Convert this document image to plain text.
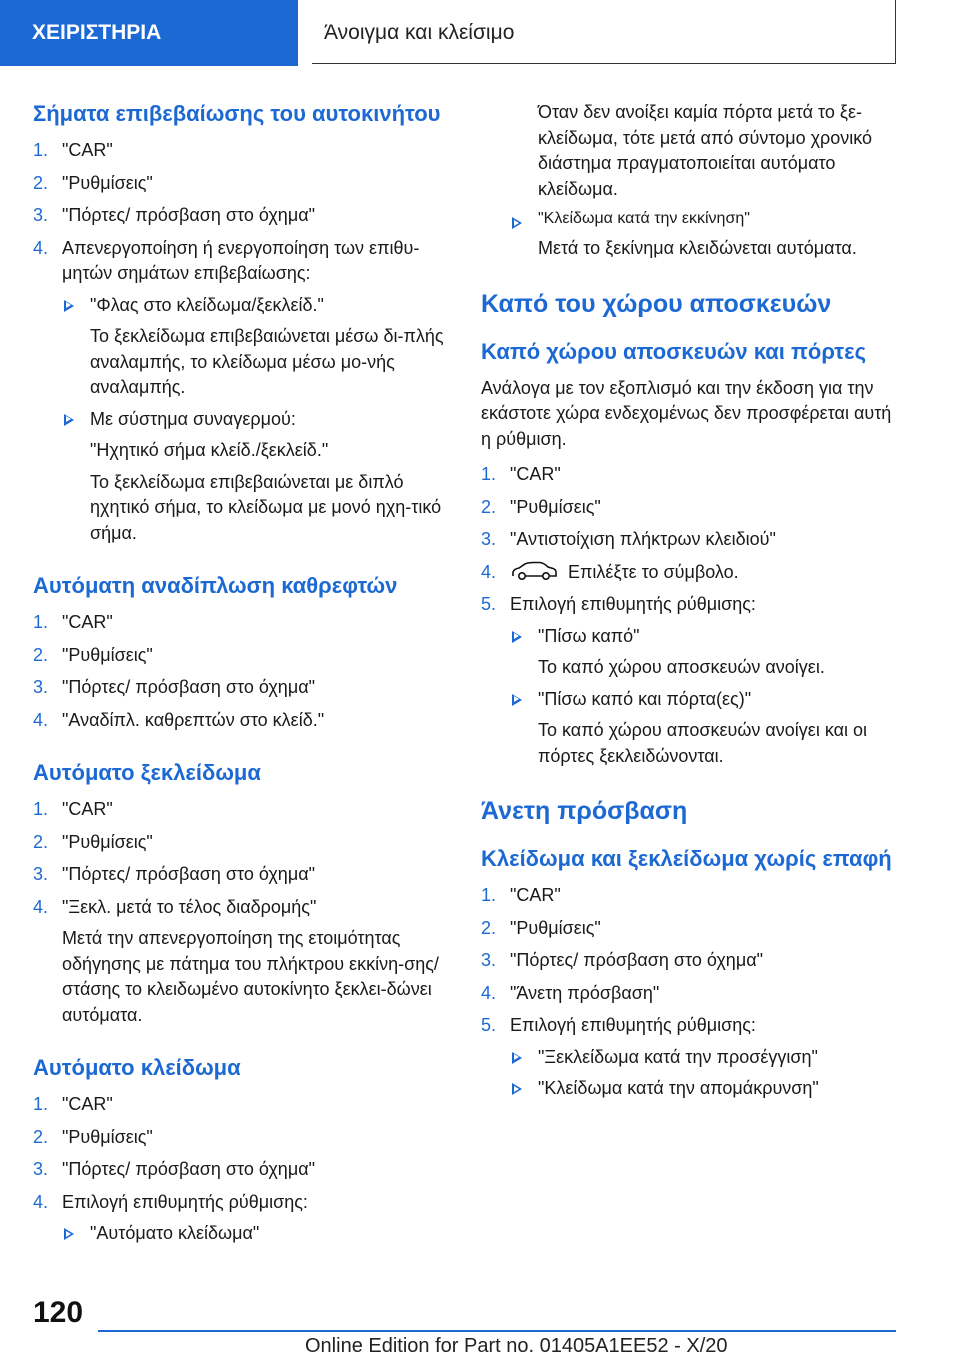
ΧΕΙΡΙΣΤΗΡΙΑ	Άνοιγμα και κλείσιμο
Σήματα επιβεβαίωσης του αυτοκινήτου
1. "CAR"
2. "Ρυθμίσεις"
3. "Πόρτες/ πρόσβαση στο όχημα"
4. Απενεργοποίηση ή ενεργοποίηση των επιθυ-μητών σημάτων επιβεβαίωσης:
"Φλας στο κλείδωμα/ξεκλείδ."
Το ξεκλείδωμα επιβεβαιώνεται μέσω δι-πλής αναλαμπής, το κλείδωμα μέσω μο-νής αναλαμπής.
Με σύστημα συναγερμού:
"Ηχητικό σήμα κλείδ./ξεκλείδ."
Το ξεκλείδωμα επιβεβαιώνεται με διπλό ηχητικό σήμα, το κλείδωμα με μονό ηχη-τικό σήμα.
Αυτόματη αναδίπλωση καθρεφτών
1. "CAR"
2. "Ρυθμίσεις"
3. "Πόρτες/ πρόσβαση στο όχημα"
4. "Αναδίπλ. καθρεπτών στο κλείδ."
Αυτόματο ξεκλείδωμα
1. "CAR"
2. "Ρυθμίσεις"
3. "Πόρτες/ πρόσβαση στο όχημα"
4. "Ξεκλ. μετά το τέλος διαδρομής"
Μετά την απενεργοποίηση της ετοιμότητας οδήγησης με πάτημα του πλήκτρου εκκίνη-σης/στάσης το κλειδωμένο αυτοκίνητο ξεκλει-δώνει αυτόματα.
Αυτόματο κλείδωμα
1. "CAR"
2. "Ρυθμίσεις"
3. "Πόρτες/ πρόσβαση στο όχημα"
4. Επιλογή επιθυμητής ρύθμισης:
"Αυτόματο κλείδωμα"
Όταν δεν ανοίξει καμία πόρτα μετά το ξε-κλείδωμα, τότε μετά από σύντομο χρονικό διάστημα πραγματοποιείται αυτόματο κλείδωμα.
"Κλείδωμα κατά την εκκίνηση"
Μετά το ξεκίνημα κλειδώνεται αυτόματα.
Καπό του χώρου αποσκευών
Καπό χώρου αποσκευών και πόρτες
Ανάλογα με τον εξοπλισμό και την έκδοση για την εκάστοτε χώρα ενδεχομένως δεν προσφέρεται αυτή η ρύθμιση.
1. "CAR"
2. "Ρυθμίσεις"
3. "Αντιστοίχιση πλήκτρων κλειδιού"
4.	Επιλέξτε το σύμβολο.
5. Επιλογή επιθυμητής ρύθμισης:
"Πίσω καπό"
Το καπό χώρου αποσκευών ανοίγει.
"Πίσω καπό και πόρτα(ες)"
Το καπό χώρου αποσκευών ανοίγει και οι πόρτες ξεκλειδώνονται.
Άνετη πρόσβαση
Κλείδωμα και ξεκλείδωμα χωρίς επαφή
1. "CAR"
2. "Ρυθμίσεις"
3. "Πόρτες/ πρόσβαση στο όχημα"
4. "Άνετη πρόσβαση"
5. Επιλογή επιθυμητής ρύθμισης:
"Ξεκλείδωμα κατά την προσέγγιση"
"Κλείδωμα κατά την απομάκρυνση"
120
Online Edition for Part no. 01405A1EE52 - X/20
